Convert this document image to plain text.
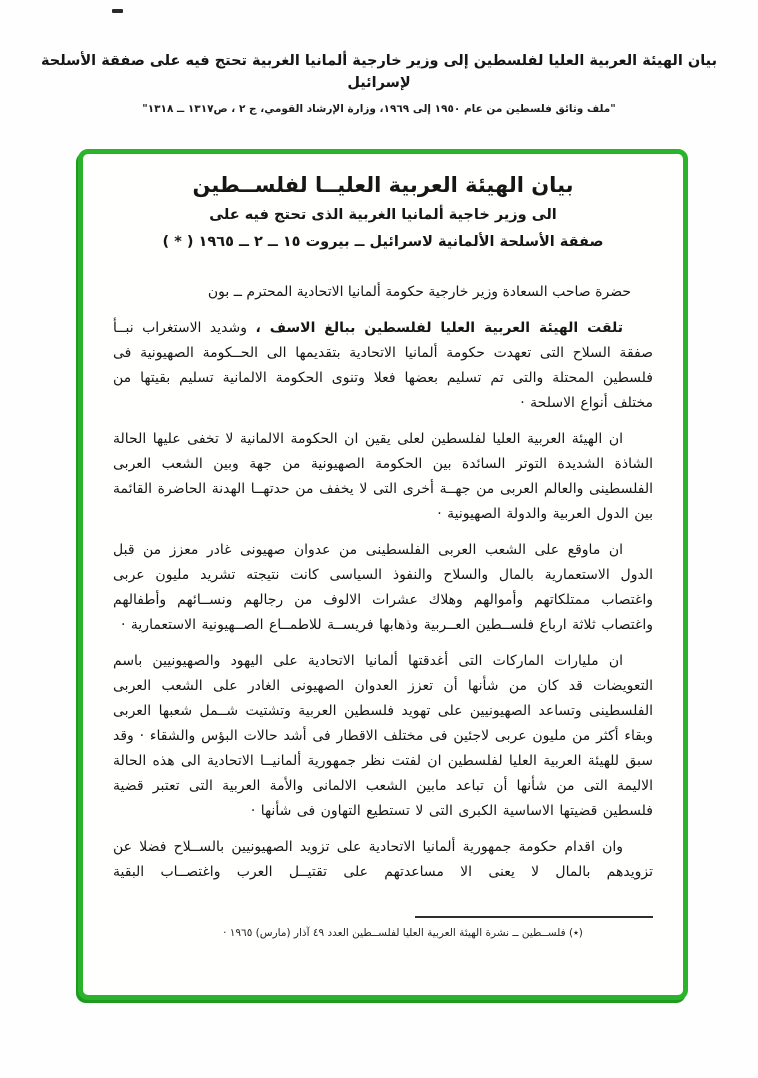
بيان الهيئة العربية العليا لفلسطين إلى وزير خارجية ألمانيا الغربية تحتج فيه على صفقة الأسلحة لإسرائيل
"ملف وثائق فلسطين من عام ١٩٥٠ إلى ١٩٦٩، وزارة الإرشاد القومي، ج ٢ ، ص١٣١٧ ــ ١٣١٨"
بيان الهيئة العربية العليــا لفلســطين
الى وزير خاجية ألمانيا الغربية الذى تحتج فيه على
صفقة الأسلحة الألمانية لاسرائيل ــ بيروت ١٥ ــ ٢ ــ ١٩٦٥ ( * )

حضرة صاحب السعادة وزير خارجية حكومة ألمانيا الاتحادية المحترم ــ بون

تلقت الهيئة العربية العليا لفلسطين ببالغ الاسف ، وشديد الاستغراب نبــأ صفقة السلاح التى تعهدت حكومة ألمانيا الاتحادية بتقديمها الى الحــكومة الصهيونية فى فلسطين المحتلة والتى تم تسليم بعضها فعلا وتنوى الحكومة الالمانية تسليم بقيتها من مختلف أنواع الاسلحة ·

ان الهيئة العربية العليا لفلسطين لعلى يقين ان الحكومة الالمانية لا تخفى عليها الحالة الشاذة الشديدة التوتر السائدة بين الحكومة الصهيونية من جهة وبين الشعب العربى الفلسطينى والعالم العربى من جهــة أخرى التى لا يخفف من حدتهــا الهدنة الحاضرة القائمة بين الدول العربية والدولة الصهيونية ·

ان ماوقع على الشعب العربى الفلسطينى من عدوان صهيونى غادر معزز من قبل الدول الاستعمارية بالمال والسلاح والنفوذ السياسى كانت نتيجته تشريد مليون عربى واغتصاب ممتلكاتهم وأموالهم وهلاك عشرات الالوف من رجالهم ونســائهم وأطفالهم واغتصاب ثلاثة ارباع فلســطين العــربية وذهابها فريســة للاطمــاع الصــهيونية الاستعمارية ·

ان مليارات الماركات التى أغدقتها ألمانيا الاتحادية على اليهود والصهيونيين باسم التعويضات قد كان من شأنها أن تعزز العدوان الصهيونى الغادر على الشعب العربى الفلسطينى وتساعد الصهيونيين على تهويد فلسطين العربية وتشتيت شــمل شعبها العربى وبقاء أكثر من مليون عربى لاجئين فى مختلف الاقطار فى أشد حالات البؤس والشقاء · وقد سبق للهيئة العربية العليا لفلسطين ان لفتت نظر جمهورية ألمانيــا الاتحادية الى هذه الحالة الاليمة التى من شأنها أن تباعد مابين الشعب الالمانى والأمة العربية التى تعتبر قضية فلسطين قضيتها الاساسية الكبرى التى لا تستطيع التهاون فى شأنها ·

وان اقدام حكومة جمهورية ألمانيا الاتحادية على تزويد الصهيونيين بالســلاح فضلا عن تزويدهم بالمال لا يعنى الا مساعدتهم على تقتيــل العرب واغتصــاب البقية

(٭) فلســطين ــ نشرة الهيئة العربية العليا لفلســطين العدد ٤٩ آذار (مارس) ١٩٦٥ ·
